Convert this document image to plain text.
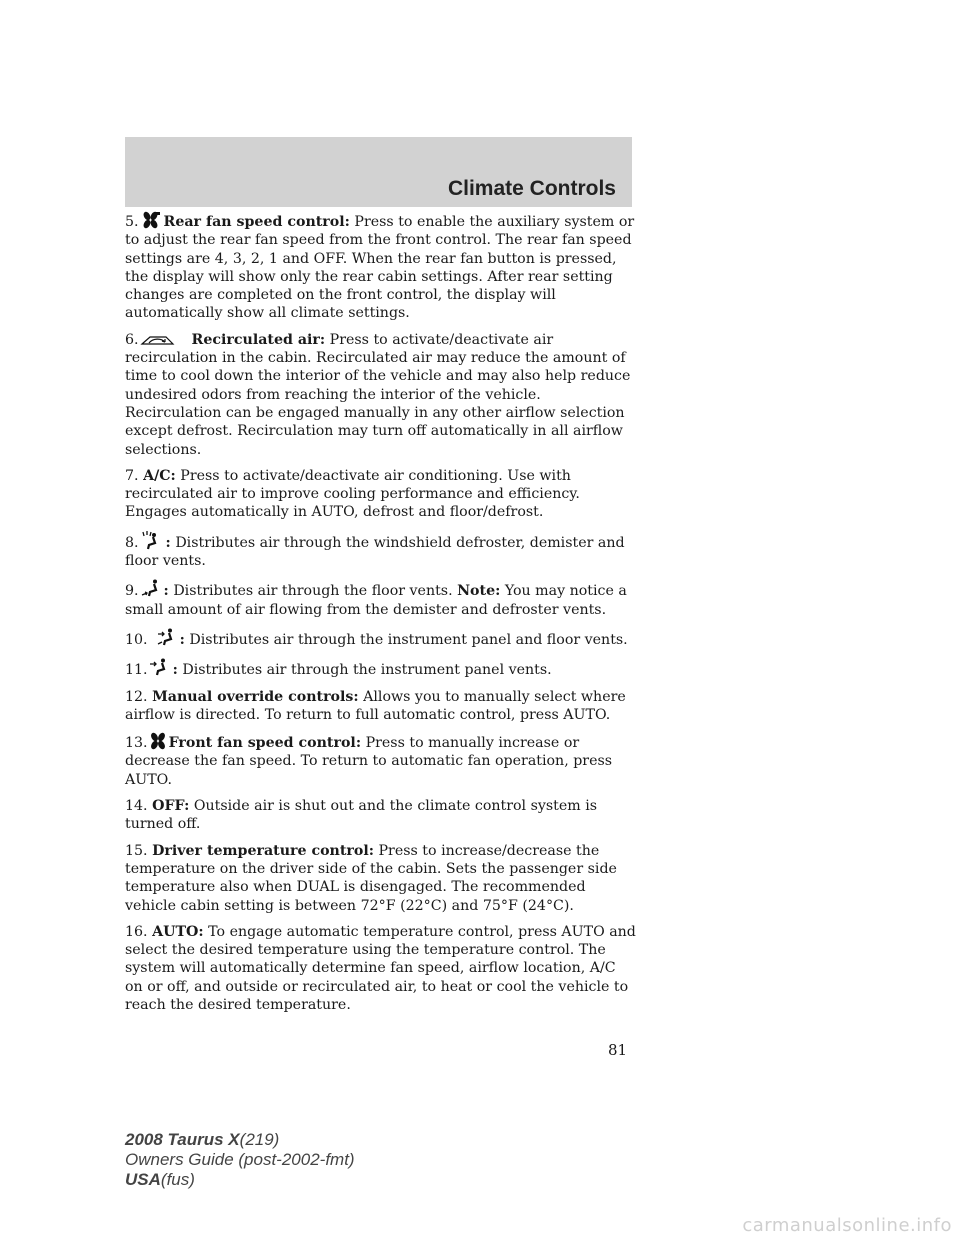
Climate Controls

5. Rear fan speed control: Press to enable the auxiliary system or to adjust the rear fan speed from the front control. The rear fan speed settings are 4, 3, 2, 1 and OFF. When the rear fan button is pressed, the display will show only the rear cabin settings. After rear setting changes are completed on the front control, the display will automatically show all climate settings.

6.	Recirculated air: Press to activate/deactivate air recirculation in the cabin. Recirculated air may reduce the amount of time to cool down the interior of the vehicle and may also help reduce undesired odors from reaching the interior of the vehicle. Recirculation can be engaged manually in any other airflow selection except defrost. Recirculation may turn off automatically in all airflow selections.

7. A/C: Press to activate/deactivate air conditioning. Use with recirculated air to improve cooling performance and efficiency. Engages automatically in AUTO, defrost and floor/defrost.

8. : Distributes air through the windshield defroster, demister and floor vents.

9. : Distributes air through the floor vents. Note: You may notice a small amount of air flowing from the demister and defroster vents.

10. : Distributes air through the instrument panel and floor vents.

11. : Distributes air through the instrument panel vents.

12. Manual override controls: Allows you to manually select where airflow is directed. To return to full automatic control, press AUTO.

13. Front fan speed control: Press to manually increase or decrease the fan speed. To return to automatic fan operation, press AUTO.

14. OFF: Outside air is shut out and the climate control system is turned off.

15. Driver temperature control: Press to increase/decrease the temperature on the driver side of the cabin. Sets the passenger side temperature also when DUAL is disengaged. The recommended vehicle cabin setting is between 72°F (22°C) and 75°F (24°C).

16. AUTO: To engage automatic temperature control, press AUTO and select the desired temperature using the temperature control. The system will automatically determine fan speed, airflow location, A/C on or off, and outside or recirculated air, to heat or cool the vehicle to reach the desired temperature.

81
2008 Taurus X(219)
Owners Guide (post-2002-fmt)
USA(fus)
carmanualsonline.info
